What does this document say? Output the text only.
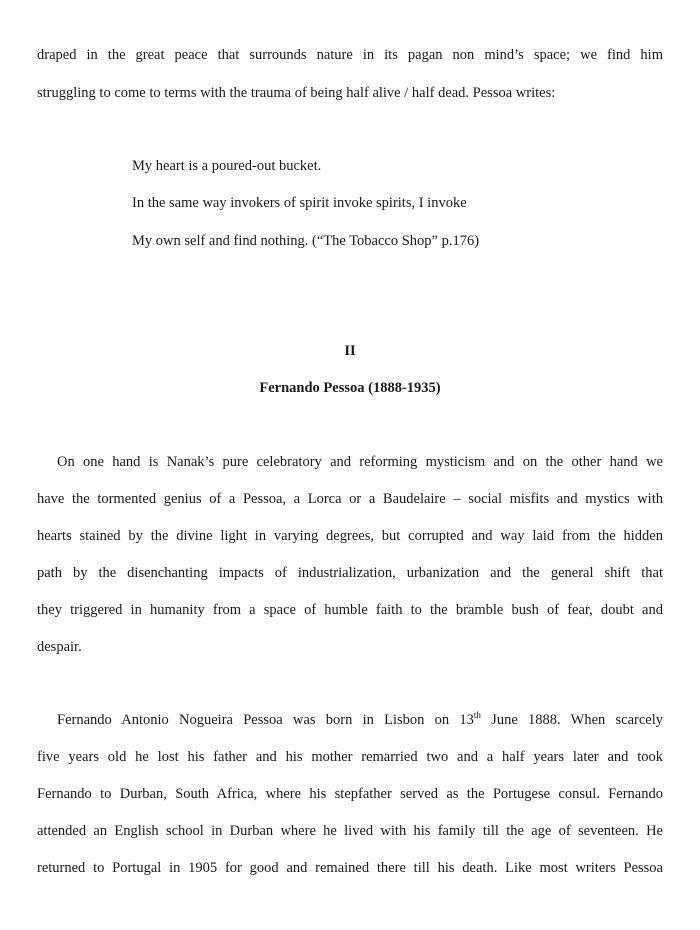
draped in the great peace that surrounds nature in its pagan non mind’s space; we find him
struggling to come to terms with the trauma of being half alive / half dead. Pessoa writes:
My heart is a poured-out bucket.
In the same way invokers of spirit invoke spirits, I invoke
My own self and find nothing. (“The Tobacco Shop” p.176)
II
Fernando Pessoa (1888-1935)
On one hand is Nanak’s pure celebratory and reforming mysticism and on the other hand we
have the tormented genius of a Pessoa, a Lorca or a Baudelaire – social misfits and mystics with
hearts stained by the divine light in varying degrees, but corrupted and way laid from the hidden
path by the disenchanting impacts of industrialization, urbanization and the general shift that
they triggered in humanity from a space of humble faith to the bramble bush of fear, doubt and
despair.
Fernando Antonio Nogueira Pessoa was born in Lisbon on 13th June 1888. When scarcely
five years old he lost his father and his mother remarried two and a half years later and took
Fernando to Durban, South Africa, where his stepfather served as the Portugese consul. Fernando
attended an English school in Durban where he lived with his family till the age of seventeen. He
returned to Portugal in 1905 for good and remained there till his death. Like most writers Pessoa
